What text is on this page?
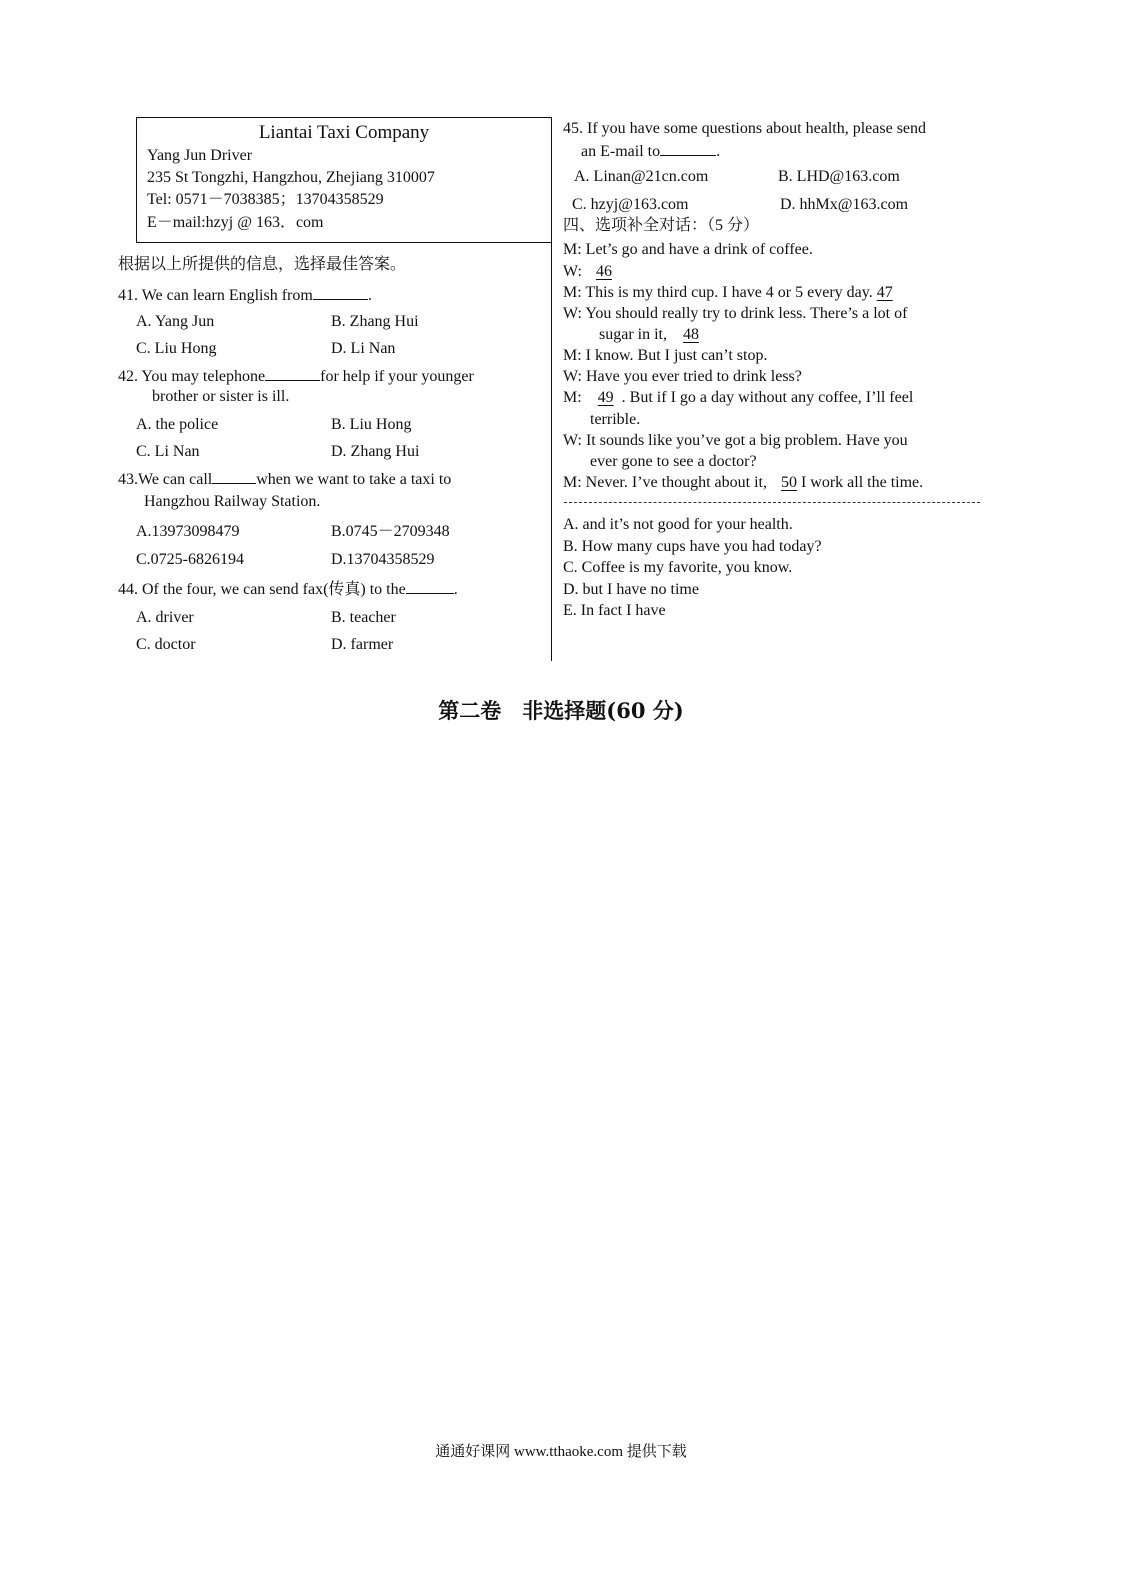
Liantai Taxi Company
Yang Jun Driver
235 St Tongzhi, Hangzhou, Zhejiang 310007
Tel: 0571－7038385；13704358529
E－mail:hzyj @ 163．com
根据以上所提供的信息，选择最佳答案。
41. We can learn English from	.
A. Yang Jun	B. Zhang Hui
C. Liu Hong	D. Li Nan
42. You may telephone	for help if your younger
brother or sister is ill.
A. the police	B. Liu Hong
C. Li Nan	D. Zhang Hui
43.We can call	when we want to take a taxi to
Hangzhou Railway Station.
A.13973098479	B.0745－2709348
C.0725-6826194	D.13704358529
44. Of the four, we can send fax(传真) to the	.
A. driver	B. teacher
C. doctor	D. farmer
45. If you have some questions about health, please send
an E-mail to	.
A. Linan@21cn.com	B. LHD@163.com
C. hzyj@163.com	D. hhMx@163.com
四、选项补全对话：（5 分）
M: Let’s go and have a drink of coffee.
W: 46
M: This is my third cup. I have 4 or 5 every day. 47
W: You should really try to drink less. There’s a lot of
sugar in it, 48
M: I know. But I just can’t stop.
W: Have you ever tried to drink less?
M: 49 . But if I go a day without any coffee, I’ll feel
terrible.
W: It sounds like you’ve got a big problem. Have you
ever gone to see a doctor?
M: Never. I’ve thought about it, 50 I work all the time.
A. and it’s not good for your health.
B. How many cups have you had today?
C. Coffee is my favorite, you know.
D. but I have no time
E. In fact I have
第二卷　非选择题(60 分)
通通好课网 www.tthaoke.com 提供下载
